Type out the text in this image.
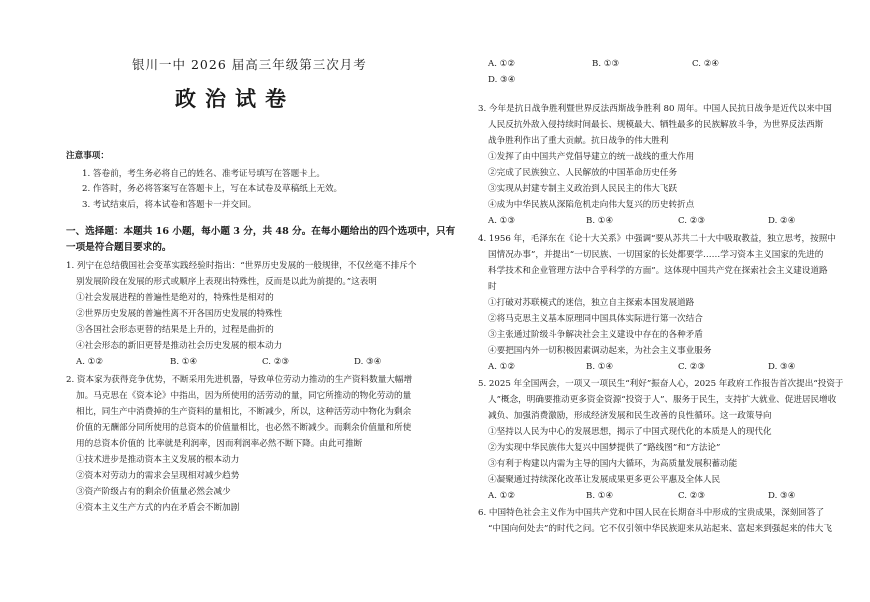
银川一中 2026 届高三年级第三次月考
政治试卷
注意事项：
1. 答卷前，考生务必将自己的姓名、准考证号填写在答题卡上。
2. 作答时，务必将答案写在答题卡上，写在本试卷及草稿纸上无效。
3. 考试结束后，将本试卷和答题卡一并交回。
一、选择题：本题共 16 小题，每小题 3 分，共 48 分。在每小题给出的四个选项中，只有
一项是符合题目要求的。
1. 列宁在总结俄国社会变革实践经验时指出：“世界历史发展的一般规律，不仅丝毫不排斥个
别发展阶段在发展的形式或顺序上表现出特殊性，反而是以此为前提的。”这表明
①社会发展进程的普遍性是绝对的，特殊性是相对的
②世界历史发展的普遍性离不开各国历史发展的特殊性
③各国社会形态更替的结果是上升的，过程是曲折的
④社会形态的新旧更替是推动社会历史发展的根本动力
A. ①②	B. ①④	C. ②③	D. ③④
2. 资本家为获得竞争优势，不断采用先进机器，导致单位劳动力推动的生产资料数量大幅增
加。马克思在《资本论》中指出，因为所使用的活劳动的量，同它所推动的物化劳动的量
相比，同生产中消费掉的生产资料的量相比，不断减少，所以，这种活劳动中物化为剩余
价值的无酬部分同所使用的总资本的价值量相比，也必然不断减少。而剩余价值量和所使
用的总资本价值的 比率就是利润率，因而利润率必然不断下降。由此可推断
①技术进步是推动资本主义发展的根本动力
②资本对劳动力的需求会呈现相对减少趋势
③资产阶级占有的剩余价值量必然会减少
④资本主义生产方式的内在矛盾会不断加剧
A. ①②	B. ①③	C. ②④
D. ③④
3. 今年是抗日战争胜利暨世界反法西斯战争胜利 80 周年。中国人民抗日战争是近代以来中国
人民反抗外敌入侵持续时间最长、规模最大、牺牲最多的民族解放斗争，为世界反法西斯
战争胜利作出了重大贡献。抗日战争的伟大胜利
①发挥了由中国共产党倡导建立的统一战线的重大作用
②完成了民族独立、人民解放的中国革命历史任务
③实现从封建专制主义政治到人民民主的伟大飞跃
④成为中华民族从深陷危机走向伟大复兴的历史转折点
A. ①③	B. ①④	C. ②③	D. ②④
4. 1956 年，毛泽东在《论十大关系》中强调“要从苏共二十大中吸取教益，独立思考，按照中
国情况办事”，并提出“一切民族、一切国家的长处都要学……学习资本主义国家的先进的
科学技术和企业管理方法中合乎科学的方面”。这体现中国共产党在探索社会主义建设道路
时
①打破对苏联模式的迷信，独立自主探索本国发展道路
②将马克思主义基本原理同中国具体实际进行第一次结合
③主张通过阶级斗争解决社会主义建设中存在的各种矛盾
④要把国内外一切积极因素调动起来，为社会主义事业服务
A. ①②	B. ①④	C. ②③	D. ③④
5. 2025 年全国两会，一项又一项民生“利好”振奋人心，2025 年政府工作报告首次提出“投资于
人”概念，明确要推动更多资金资源“投资于人”、服务于民生，支持扩大就业、促进居民增收
减负、加强消费激励，形成经济发展和民生改善的良性循环。这一政策导向
①坚持以人民为中心的发展思想，揭示了中国式现代化的本质是人的现代化
②为实现中华民族伟大复兴中国梦提供了“路线图”和“方法论”
③有利于构建以内需为主导的国内大循环，为高质量发展积蓄动能
④凝聚通过持续深化改革让发展成果更多更公平惠及全体人民
A. ①②	B. ①④	C. ②③	D. ③④
6. 中国特色社会主义作为中国共产党和中国人民在长期奋斗中形成的宝贵成果，深刻回答了
“中国向何处去”的时代之问。它不仅引领中华民族迎来从站起来、富起来到强起来的伟大飞
